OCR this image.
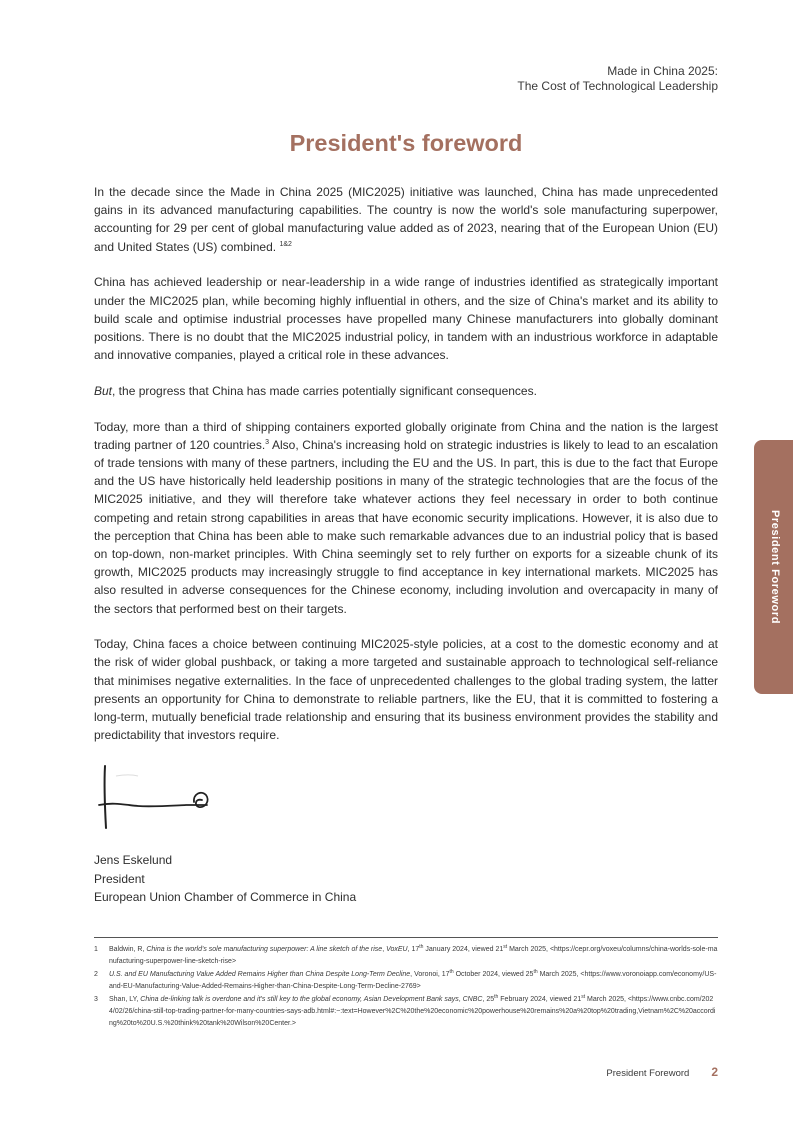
Made in China 2025:
The Cost of Technological Leadership
President's foreword

In the decade since the Made in China 2025 (MIC2025) initiative was launched, China has made unprecedented gains in its advanced manufacturing capabilities. The country is now the world's sole manufacturing superpower, accounting for 29 per cent of global manufacturing value added as of 2023, nearing that of the European Union (EU) and United States (US) combined. $^{1\&2}$

China has achieved leadership or near-leadership in a wide range of industries identified as strategically important under the MIC2025 plan, while becoming highly influential in others, and the size of China's market and its ability to build scale and optimise industrial processes have propelled many Chinese manufacturers into globally dominant positions. There is no doubt that the MIC2025 industrial policy, in tandem with an industrious workforce in adaptable and innovative companies, played a critical role in these advances.

But, the progress that China has made carries potentially significant consequences.

Today, more than a third of shipping containers exported globally originate from China and the nation is the largest trading partner of 120 countries.$^3$ Also, China's increasing hold on strategic industries is likely to lead to an escalation of trade tensions with many of these partners, including the EU and the US. In part, this is due to the fact that Europe and the US have historically held leadership positions in many of the strategic technologies that are the focus of the MIC2025 initiative, and they will therefore take whatever actions they feel necessary in order to both continue competing and retain strong capabilities in areas that have economic security implications. However, it is also due to the perception that China has been able to make such remarkable advances due to an industrial policy that is based on top-down, non-market principles. With China seemingly set to rely further on exports for a sizeable chunk of its growth, MIC2025 products may increasingly struggle to find acceptance in key international markets. MIC2025 has also resulted in adverse consequences for the Chinese economy, including involution and overcapacity in many of the sectors that performed best on their targets.

Today, China faces a choice between continuing MIC2025-style policies, at a cost to the domestic economy and at the risk of wider global pushback, or taking a more targeted and sustainable approach to technological self-reliance that minimises negative externalities. In the face of unprecedented challenges to the global trading system, the latter presents an opportunity for China to demonstrate to reliable partners, like the EU, that it is committed to fostering a long-term, mutually beneficial trade relationship and ensuring that its business environment provides the stability and predictability that investors require.

President Foreword
Jens Eskelund
President
European Union Chamber of Commerce in China
1 Baldwin, R, China is the world's sole manufacturing superpower: A line sketch of the rise, VoxEU, 17th January 2024, viewed 21st March 2025, <https://cepr.org/voxeu/columns/china-worlds-sole-manufacturing-superpower-line-sketch-rise>
2 U.S. and EU Manufacturing Value Added Remains Higher than China Despite Long-Term Decline, Voronoi, 17th October 2024, viewed 25th March 2025, <https://www.voronoiapp.com/economy/US-and-EU-Manufacturing-Value-Added-Remains-Higher-than-China-Despite-Long-Term-Decline-2769>
3 Shan, LY, China de-linking talk is overdone and it's still key to the global economy, Asian Development Bank says, CNBC, 25th February 2024, viewed 21st March 2025, <https://www.cnbc.com/2024/02/26/china-still-top-trading-partner-for-many-countries-says-adb.html#:~:text=However%2C%20the%20economic%20powerhouse%20remains%20a%20top%20trading,Vietnam%2C%20according%20to%20U.S.%20think%20tank%20Wilson%20Center.>
President Foreword 2
